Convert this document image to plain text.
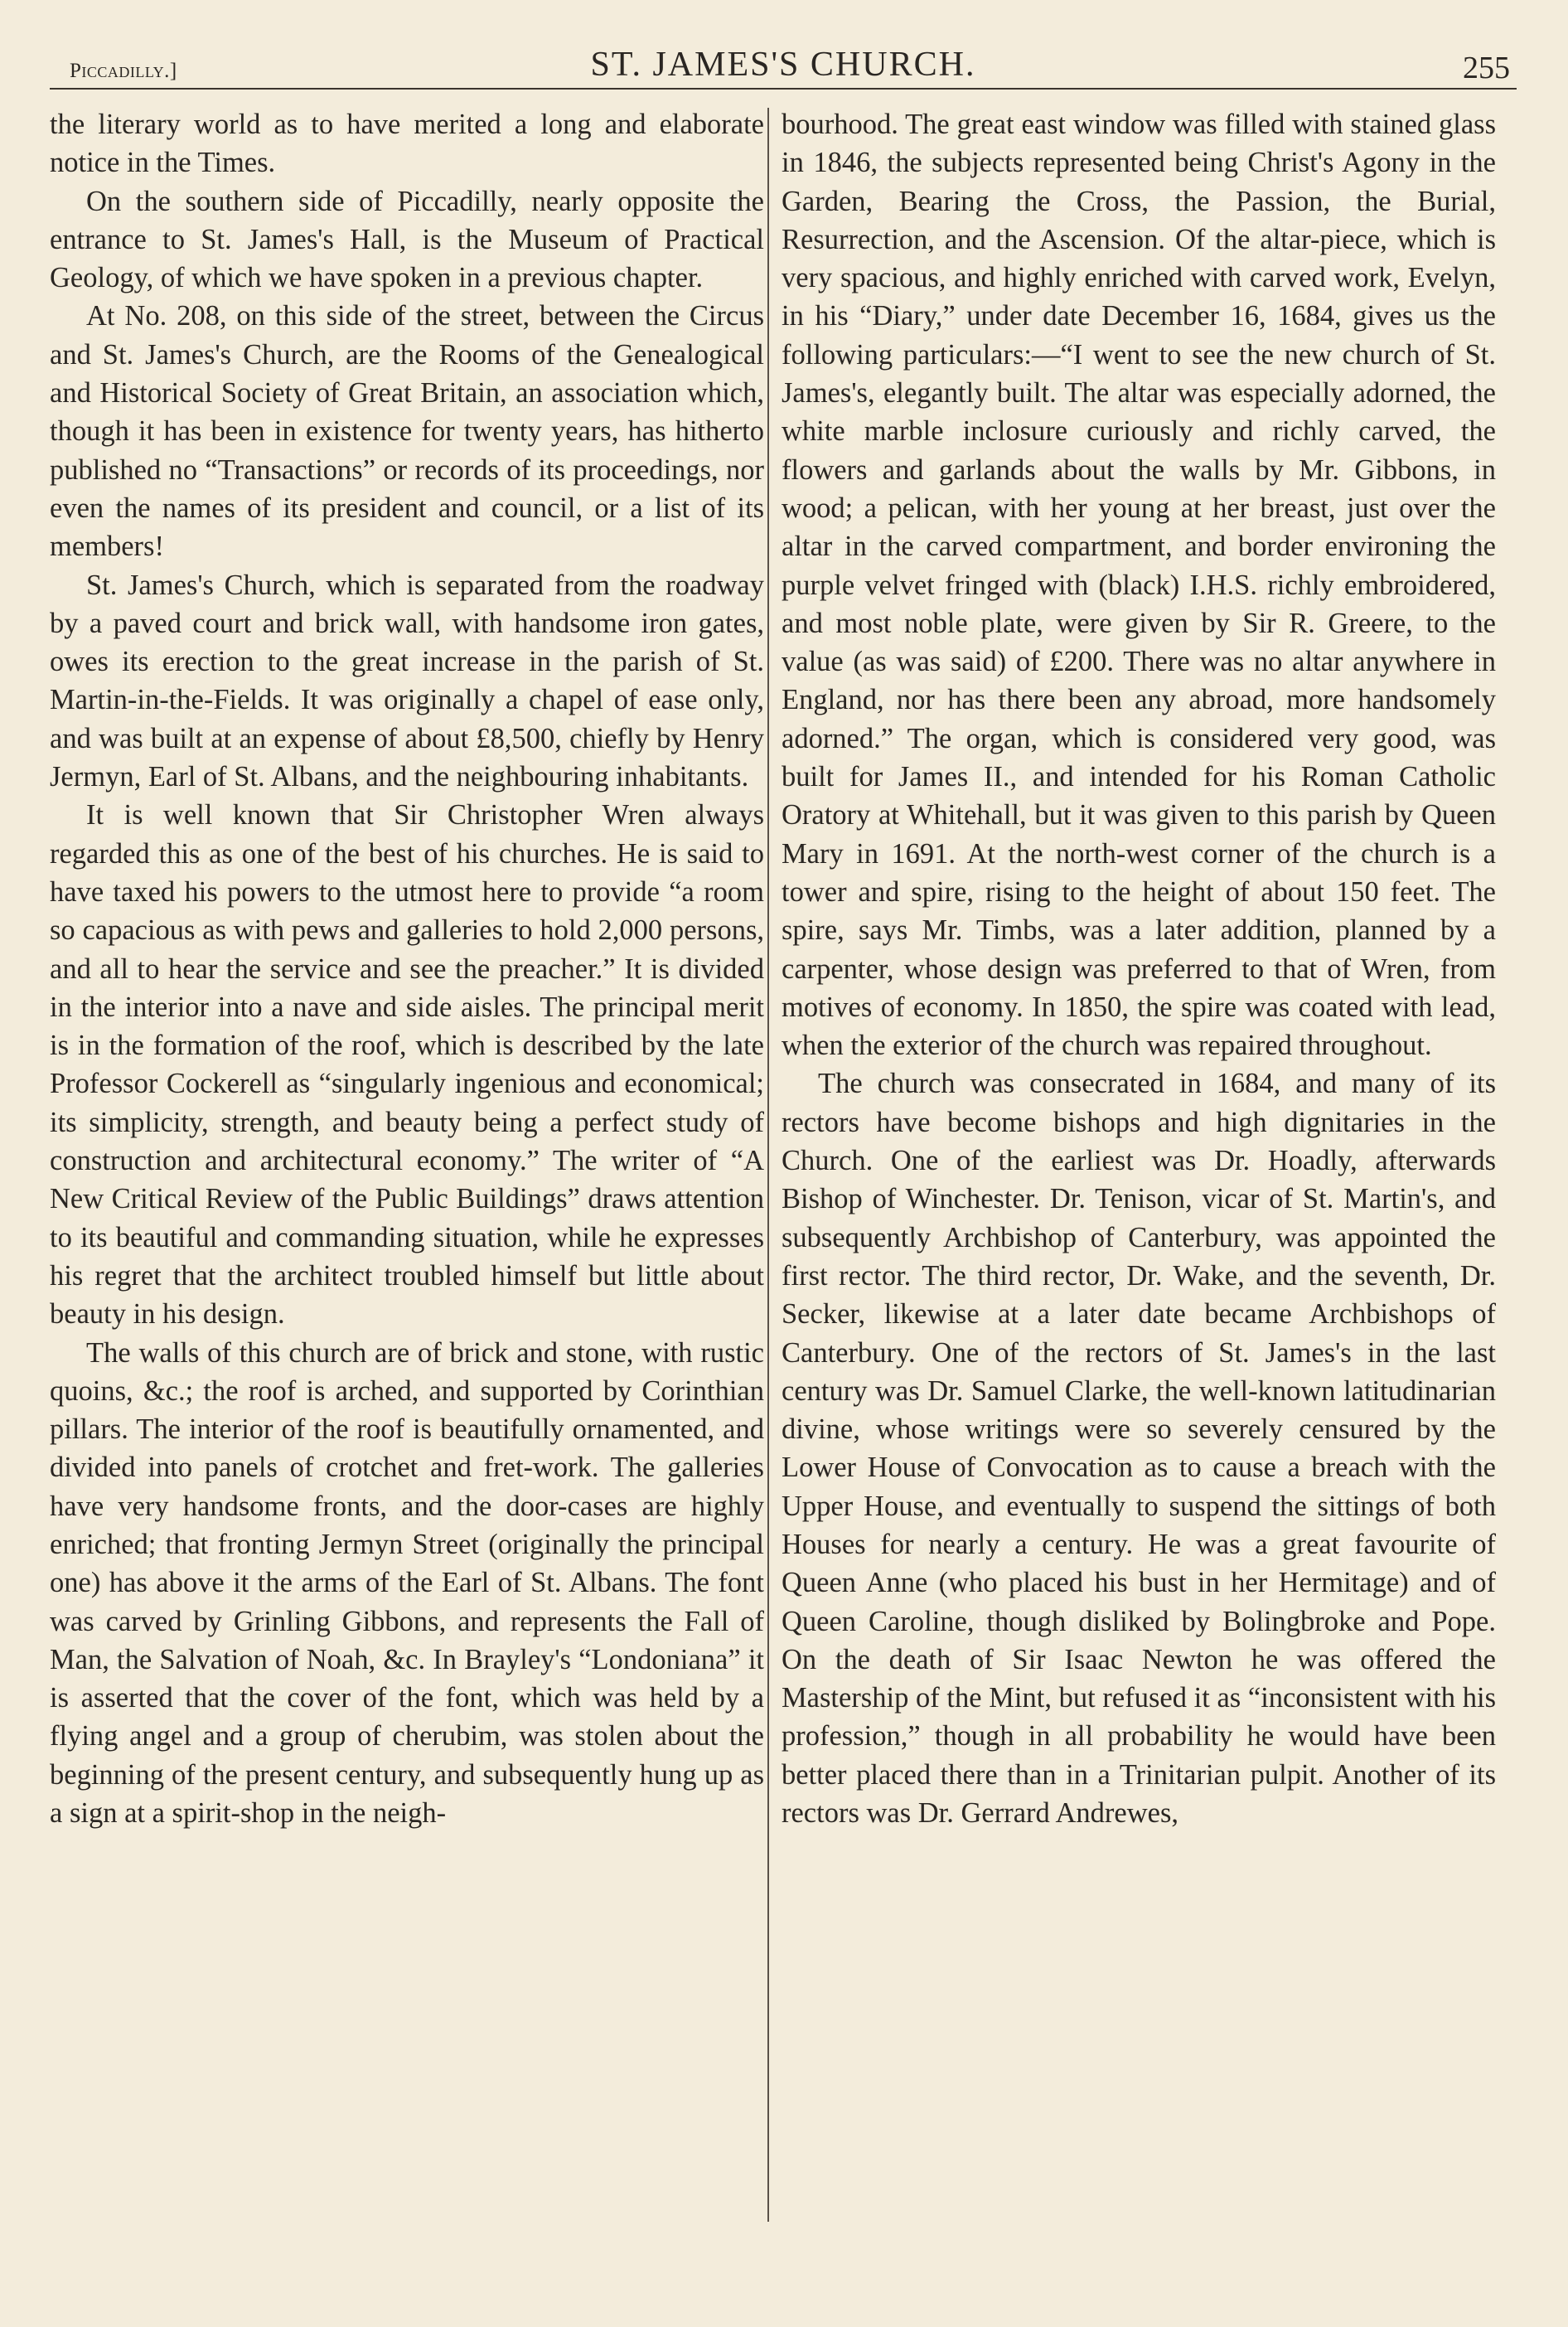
Piccadilly.]	ST. JAMES'S CHURCH.	255

the literary world as to have merited a long and elaborate notice in the Times.

On the southern side of Piccadilly, nearly opposite the entrance to St. James's Hall, is the Museum of Practical Geology, of which we have spoken in a previous chapter.

At No. 208, on this side of the street, between the Circus and St. James's Church, are the Rooms of the Genealogical and Historical Society of Great Britain, an association which, though it has been in existence for twenty years, has hitherto published no “Transactions” or records of its proceedings, nor even the names of its president and council, or a list of its members!

St. James's Church, which is separated from the roadway by a paved court and brick wall, with handsome iron gates, owes its erection to the great increase in the parish of St. Martin-in-the-Fields. It was originally a chapel of ease only, and was built at an expense of about £8,500, chiefly by Henry Jermyn, Earl of St. Albans, and the neighbouring inhabitants.

It is well known that Sir Christopher Wren always regarded this as one of the best of his churches. He is said to have taxed his powers to the utmost here to provide “a room so capacious as with pews and galleries to hold 2,000 persons, and all to hear the service and see the preacher.” It is divided in the interior into a nave and side aisles. The principal merit is in the formation of the roof, which is described by the late Professor Cockerell as “singularly ingenious and economical; its simplicity, strength, and beauty being a perfect study of construction and architectural economy.” The writer of “A New Critical Review of the Public Buildings” draws attention to its beautiful and commanding situation, while he expresses his regret that the architect troubled himself but little about beauty in his design.

The walls of this church are of brick and stone, with rustic quoins, &c.; the roof is arched, and supported by Corinthian pillars. The interior of the roof is beautifully ornamented, and divided into panels of crotchet and fret-work. The galleries have very handsome fronts, and the door-cases are highly enriched; that fronting Jermyn Street (originally the principal one) has above it the arms of the Earl of St. Albans. The font was carved by Grinling Gibbons, and represents the Fall of Man, the Salvation of Noah, &c. In Brayley's “Londoniana” it is asserted that the cover of the font, which was held by a flying angel and a group of cherubim, was stolen about the beginning of the present century, and subsequently hung up as a sign at a spirit-shop in the neigh-

bourhood. The great east window was filled with stained glass in 1846, the subjects represented being Christ's Agony in the Garden, Bearing the Cross, the Passion, the Burial, Resurrection, and the Ascension. Of the altar-piece, which is very spacious, and highly enriched with carved work, Evelyn, in his “Diary,” under date December 16, 1684, gives us the following particulars:—“I went to see the new church of St. James's, elegantly built. The altar was especially adorned, the white marble inclosure curiously and richly carved, the flowers and garlands about the walls by Mr. Gibbons, in wood; a pelican, with her young at her breast, just over the altar in the carved compartment, and border environing the purple velvet fringed with (black) I.H.S. richly embroidered, and most noble plate, were given by Sir R. Greere, to the value (as was said) of £200. There was no altar anywhere in England, nor has there been any abroad, more handsomely adorned.” The organ, which is considered very good, was built for James II., and intended for his Roman Catholic Oratory at Whitehall, but it was given to this parish by Queen Mary in 1691. At the north-west corner of the church is a tower and spire, rising to the height of about 150 feet. The spire, says Mr. Timbs, was a later addition, planned by a carpenter, whose design was preferred to that of Wren, from motives of economy. In 1850, the spire was coated with lead, when the exterior of the church was repaired throughout.

The church was consecrated in 1684, and many of its rectors have become bishops and high dignitaries in the Church. One of the earliest was Dr. Hoadly, afterwards Bishop of Winchester. Dr. Tenison, vicar of St. Martin's, and subsequently Archbishop of Canterbury, was appointed the first rector. The third rector, Dr. Wake, and the seventh, Dr. Secker, likewise at a later date became Archbishops of Canterbury. One of the rectors of St. James's in the last century was Dr. Samuel Clarke, the well-known latitudinarian divine, whose writings were so severely censured by the Lower House of Convocation as to cause a breach with the Upper House, and eventually to suspend the sittings of both Houses for nearly a century. He was a great favourite of Queen Anne (who placed his bust in her Hermitage) and of Queen Caroline, though disliked by Bolingbroke and Pope. On the death of Sir Isaac Newton he was offered the Mastership of the Mint, but refused it as “inconsistent with his profession,” though in all probability he would have been better placed there than in a Trinitarian pulpit. Another of its rectors was Dr. Gerrard Andrewes,
